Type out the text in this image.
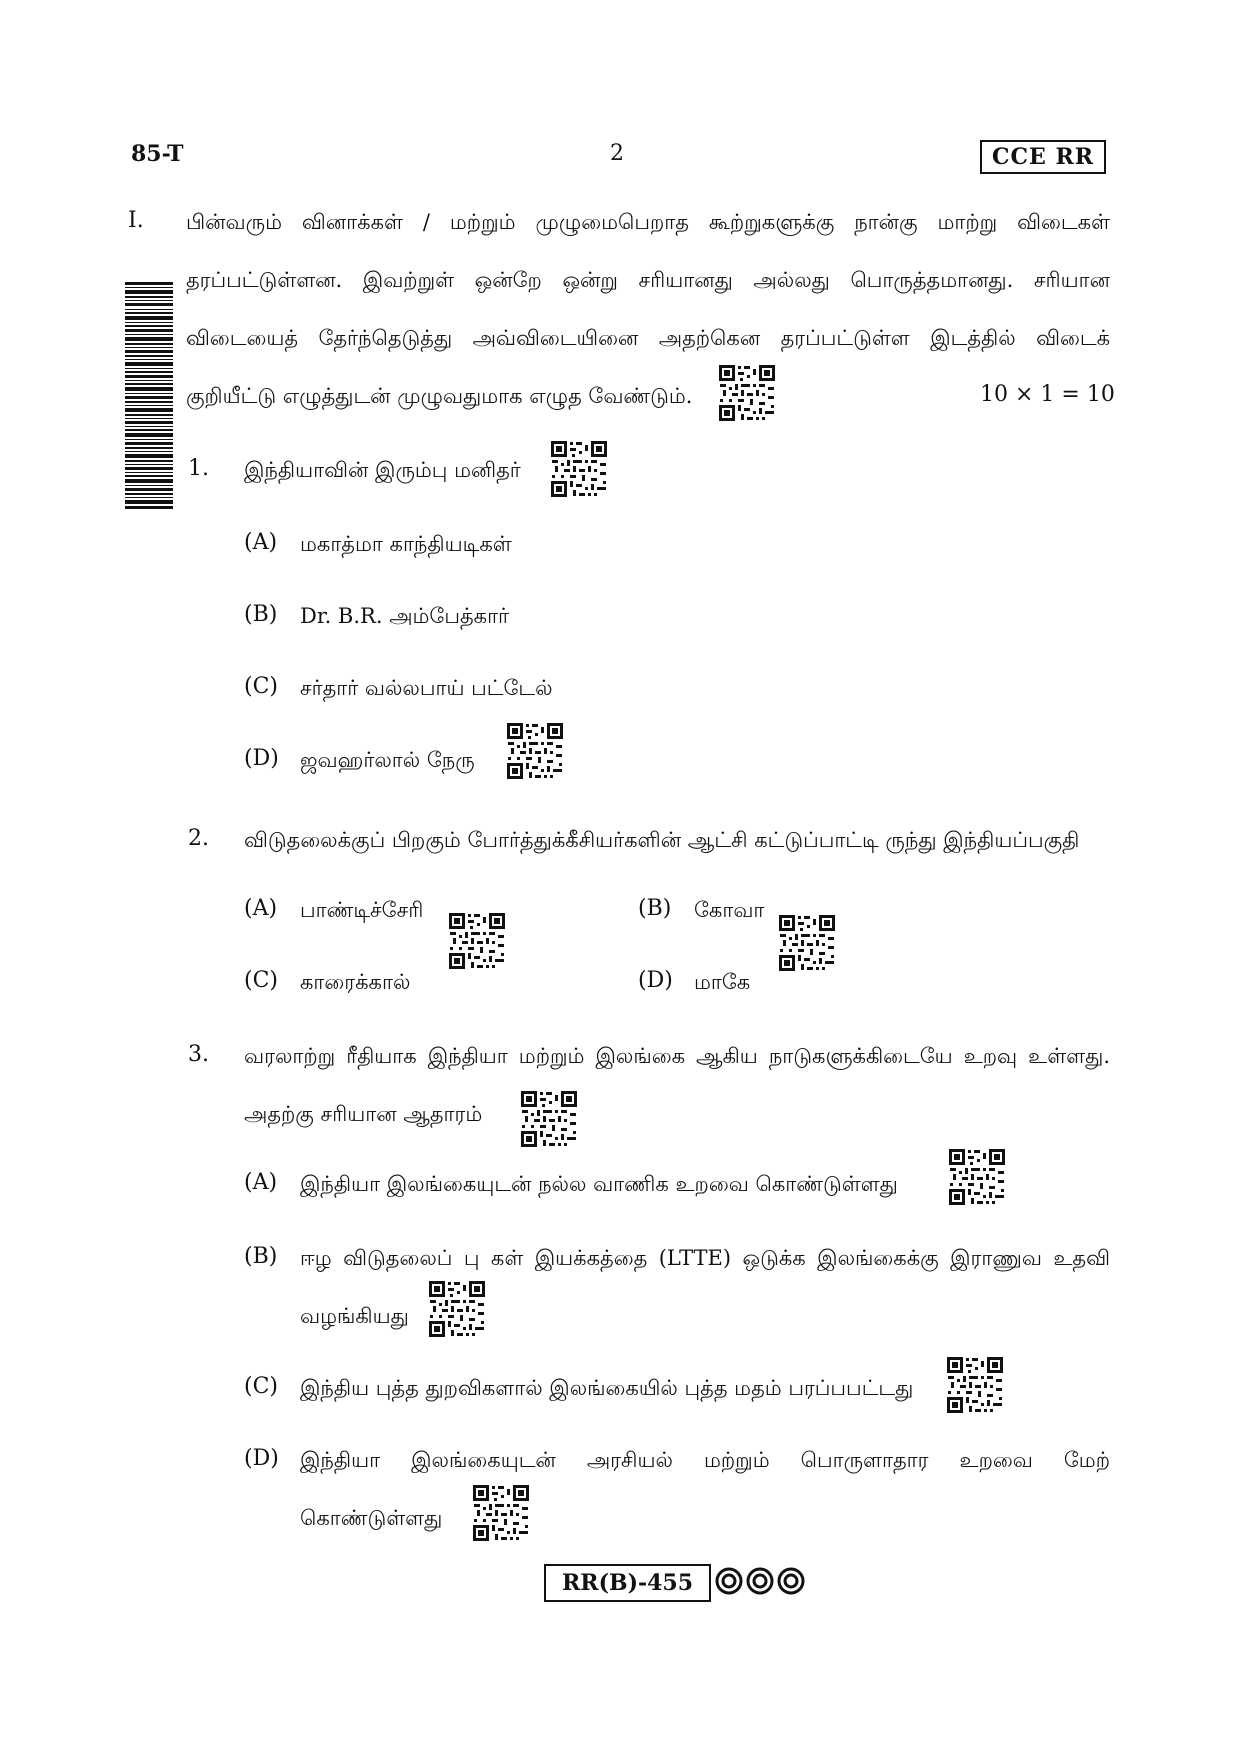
85-T	2	CCE RR
I. பின்வரும் வினாக்கள் / மற்றும் முழுமைபெறாத கூற்றுகளுக்கு நான்கு மாற்று விடைகள்
தரப்பட்டுள்ளன. இவற்றுள் ஒன்றே ஒன்று சரியானது அல்லது பொருத்தமானது. சரியான
விடையைத் தேர்ந்தெடுத்து அவ்விடையினை அதற்கென தரப்பட்டுள்ள இடத்தில் விடைக்
குறியீட்டு எழுத்துடன் முழுவதுமாக எழுத வேண்டும்.	10 × 1 = 10
1. இந்தியாவின் இரும்பு மனிதர்
(A) மகாத்மா காந்தியடிகள்
(B) Dr. B.R. அம்பேத்கார்
(C) சர்தார் வல்லபாய் பட்டேல்
(D) ஜவஹர்லால் நேரு
2. விடுதலைக்குப் பிறகும் போர்த்துக்கீசியர்களின் ஆட்சி கட்டுப்பாட்டி ருந்து இந்தியப்பகுதி
(A) பாண்டிச்சேரி	(B) கோவா
(C) காரைக்கால்	(D) மாகே
3. வரலாற்று ரீதியாக இந்தியா மற்றும் இலங்கை ஆகிய நாடுகளுக்கிடையே உறவு உள்ளது.
அதற்கு சரியான ஆதாரம்
(A) இந்தியா இலங்கையுடன் நல்ல வாணிக உறவை கொண்டுள்ளது
(B) ஈழ விடுதலைப் பு கள் இயக்கத்தை (LTTE) ஒடுக்க இலங்கைக்கு இராணுவ உதவி
வழங்கியது
(C) இந்திய புத்த துறவிகளால் இலங்கையில் புத்த மதம் பரப்பபட்டது
(D) இந்தியா இலங்கையுடன் அரசியல் மற்றும் பொருளாதார உறவை மேற்
கொண்டுள்ளது
RR(B)-455
